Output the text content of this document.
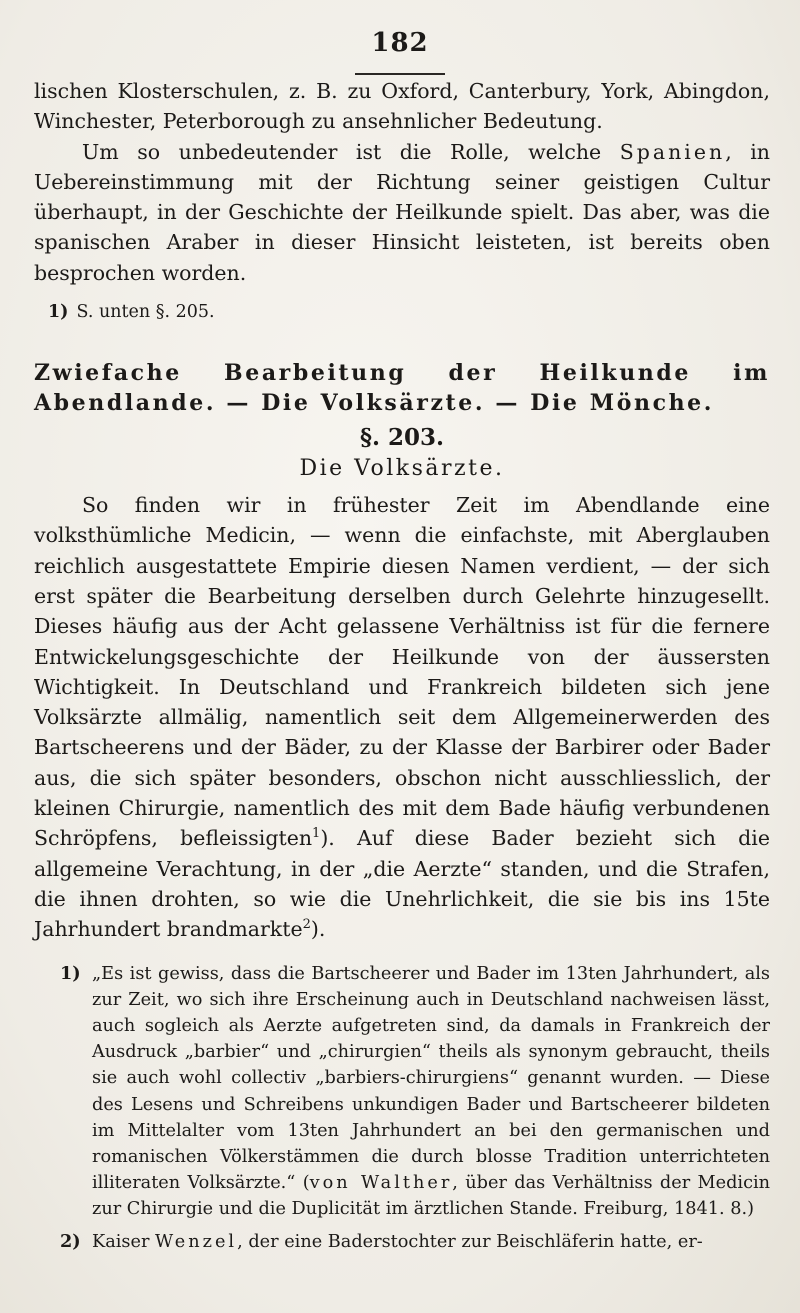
182

lischen Klosterschulen, z. B. zu Oxford, Canterbury, York, Abingdon, Winchester, Peterborough zu ansehnlicher Bedeutung.

Um so unbedeutender ist die Rolle, welche Spanien, in Uebereinstimmung mit der Richtung seiner geistigen Cultur überhaupt, in der Geschichte der Heilkunde spielt. Das aber, was die spanischen Araber in dieser Hinsicht leisteten, ist bereits oben besprochen worden.

1) S. unten §. 205.
Zwiefache Bearbeitung der Heilkunde im Abendlande. — Die Volksärzte. — Die Mönche.
§. 203.
Die Volksärzte.

So finden wir in frühester Zeit im Abendlande eine volksthümliche Medicin, — wenn die einfachste, mit Aberglauben reichlich ausgestattete Empirie diesen Namen verdient, — der sich erst später die Bearbeitung derselben durch Gelehrte hinzugesellt. Dieses häufig aus der Acht gelassene Verhältniss ist für die fernere Entwickelungsgeschichte der Heilkunde von der äussersten Wichtigkeit. In Deutschland und Frankreich bildeten sich jene Volksärzte allmälig, namentlich seit dem Allgemeinerwerden des Bartscheerens und der Bäder, zu der Klasse der Barbirer oder Bader aus, die sich später besonders, obschon nicht ausschliesslich, der kleinen Chirurgie, namentlich des mit dem Bade häufig verbundenen Schröpfens, befleissigten$^1$). Auf diese Bader bezieht sich die allgemeine Verachtung, in der „die Aerzte“ standen, und die Strafen, die ihnen drohten, so wie die Unehrlichkeit, die sie bis ins 15te Jahrhundert brandmarkte$^2$).

1) „Es ist gewiss, dass die Bartscheerer und Bader im 13ten Jahrhundert, als zur Zeit, wo sich ihre Erscheinung auch in Deutschland nachweisen lässt, auch sogleich als Aerzte aufgetreten sind, da damals in Frankreich der Ausdruck „barbier“ und „chirurgien“ theils als synonym gebraucht, theils sie auch wohl collectiv „barbiers-chirurgiens“ genannt wurden. — Diese des Lesens und Schreibens unkundigen Bader und Bartscheerer bildeten im Mittelalter vom 13ten Jahrhundert an bei den germanischen und romanischen Völkerstämmen die durch blosse Tradition unterrichteten illiteraten Volksärzte.“ (von Walther, über das Verhältniss der Medicin zur Chirurgie und die Duplicität im ärztlichen Stande. Freiburg, 1841. 8.)

2) Kaiser Wenzel, der eine Baderstochter zur Beischläferin hatte, er-
